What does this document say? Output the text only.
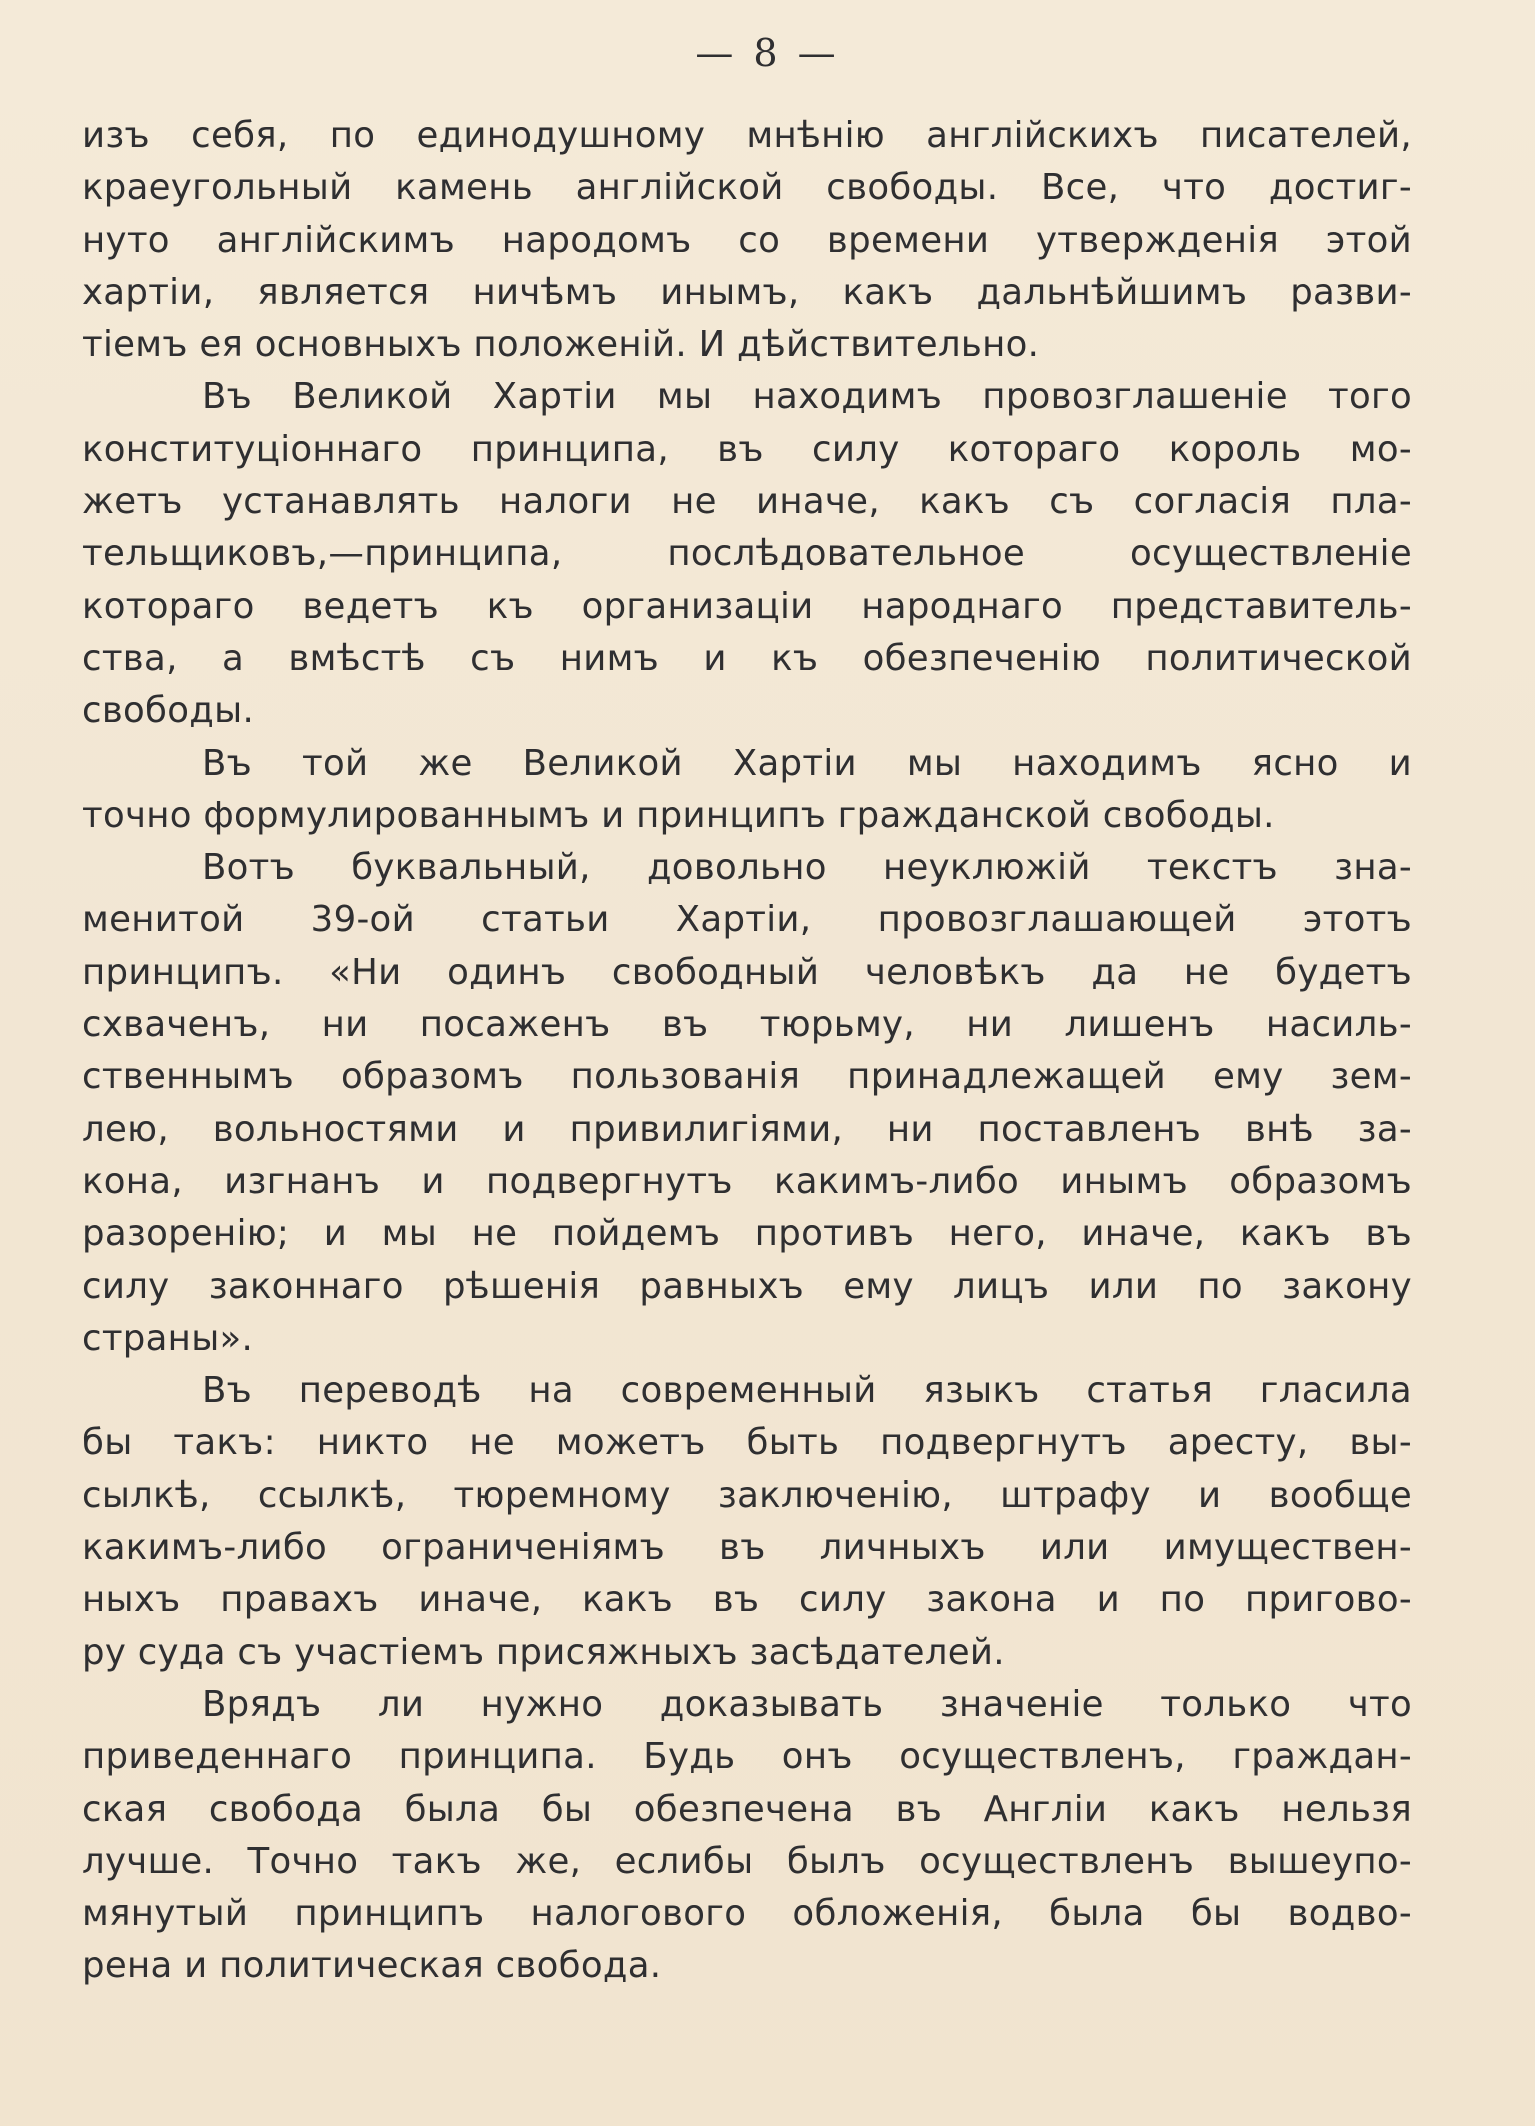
— 8 —
изъ себя, по единодушному мнѣнію англійскихъ писателей,
краеугольный камень англійской свободы. Все, что достиг-
нуто англійскимъ народомъ со времени утвержденія этой
хартіи, является ничѣмъ инымъ, какъ дальнѣйшимъ разви-
тіемъ ея основныхъ положеній. И дѣйствительно.
Въ Великой Хартіи мы находимъ провозглашеніе того
конституціоннаго принципа, въ силу котораго король мо-
жетъ устанавлять налоги не иначе, какъ съ согласія пла-
тельщиковъ,—принципа, послѣдовательное осуществленіе
котораго ведетъ къ организаціи народнаго представитель-
ства, а вмѣстѣ съ нимъ и къ обезпеченію политической
свободы.
Въ той же Великой Хартіи мы находимъ ясно и
точно формулированнымъ и принципъ гражданской свободы.
Вотъ буквальный, довольно неуклюжій текстъ зна-
менитой 39-ой статьи Хартіи, провозглашающей этотъ
принципъ. «Ни одинъ свободный человѣкъ да не будетъ
схваченъ, ни посаженъ въ тюрьму, ни лишенъ насиль-
ственнымъ образомъ пользованія принадлежащей ему зем-
лею, вольностями и привилигіями, ни поставленъ внѣ за-
кона, изгнанъ и подвергнутъ какимъ-либо инымъ образомъ
разоренію; и мы не пойдемъ противъ него, иначе, какъ въ
силу законнаго рѣшенія равныхъ ему лицъ или по закону
страны».
Въ переводѣ на современный языкъ статья гласила
бы такъ: никто не можетъ быть подвергнутъ аресту, вы-
сылкѣ, ссылкѣ, тюремному заключенію, штрафу и вообще
какимъ-либо ограниченіямъ въ личныхъ или имуществен-
ныхъ правахъ иначе, какъ въ силу закона и по пригово-
ру суда съ участіемъ присяжныхъ засѣдателей.
Врядъ ли нужно доказывать значеніе только что
приведеннаго принципа. Будь онъ осуществленъ, граждан-
ская свобода была бы обезпечена въ Англіи какъ нельзя
лучше. Точно такъ же, еслибы былъ осуществленъ вышеупо-
мянутый принципъ налогового обложенія, была бы водво-
рена и политическая свобода.
